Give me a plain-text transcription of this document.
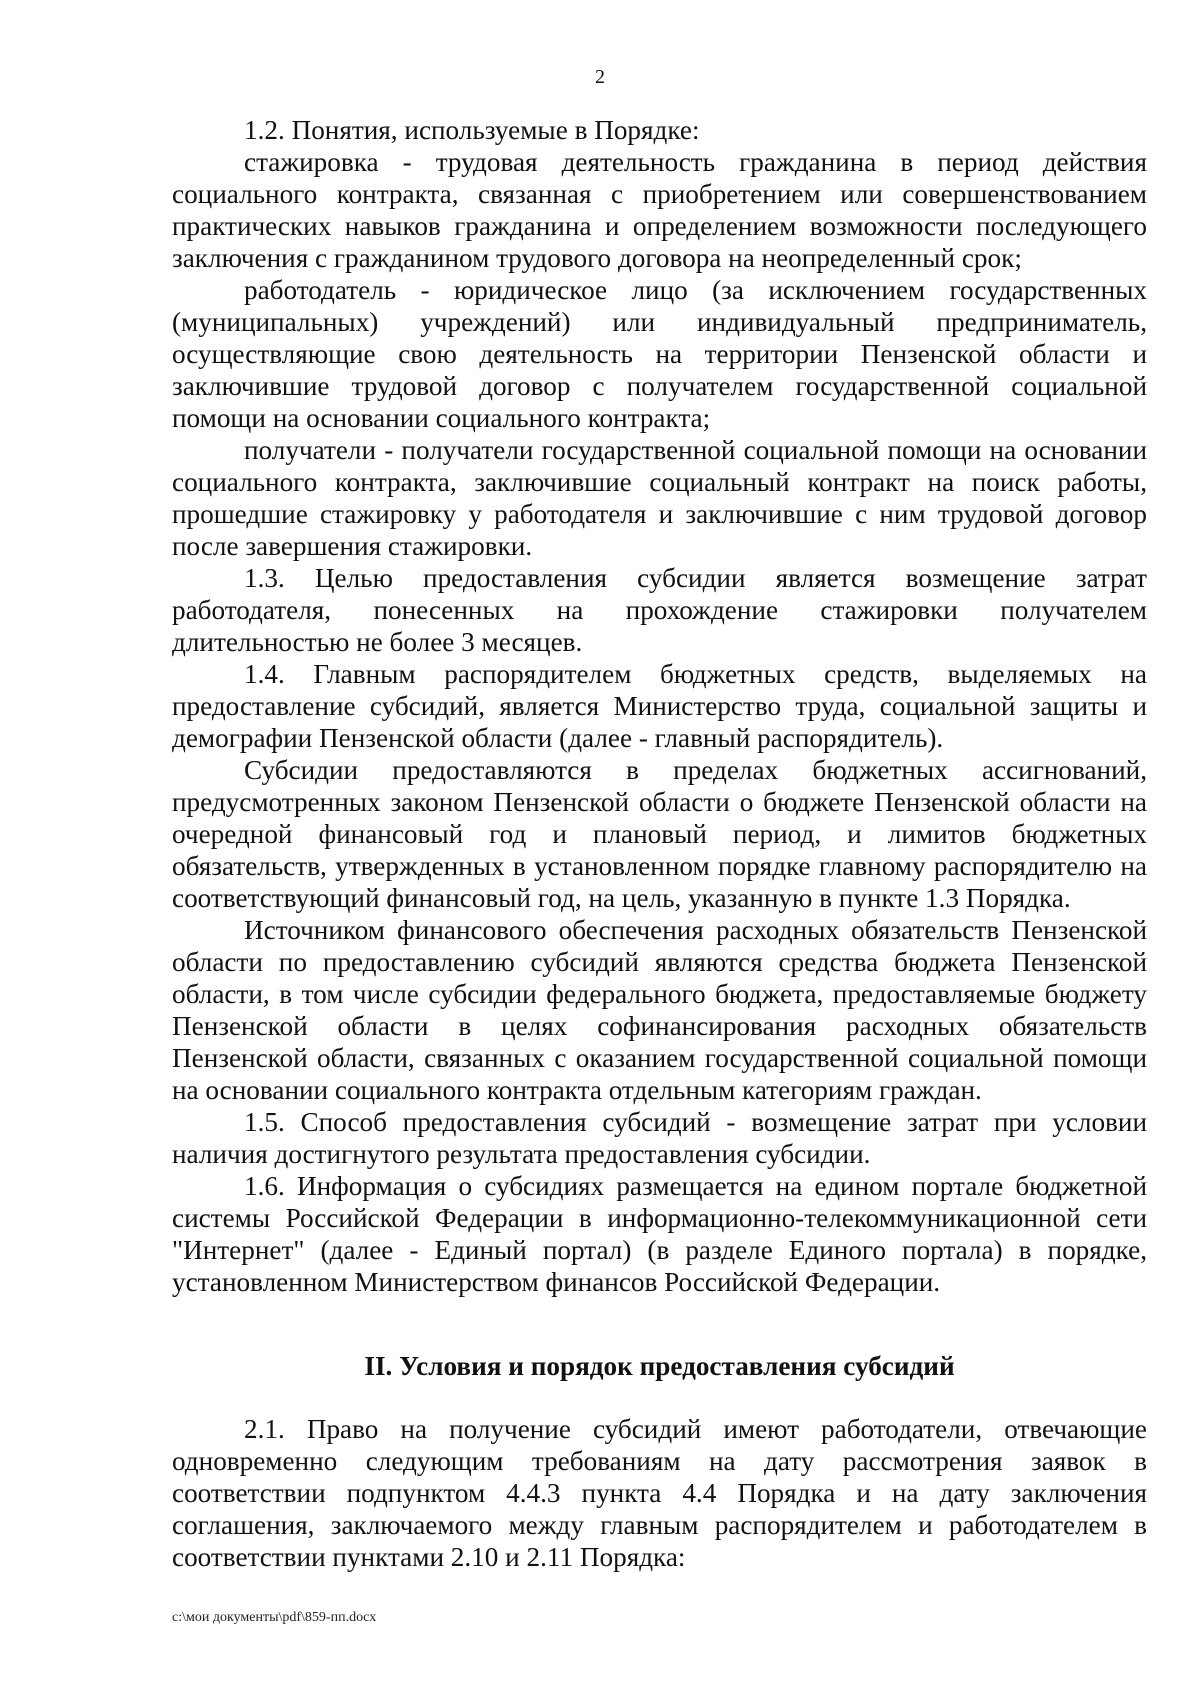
2

1.2. Понятия, используемые в Порядке:

стажировка - трудовая деятельность гражданина в период действия социального контракта, связанная с приобретением или совершенствованием практических навыков гражданина и определением возможности последующего заключения с гражданином трудового договора на неопределенный срок;

работодатель - юридическое лицо (за исключением государственных (муниципальных) учреждений) или индивидуальный предприниматель, осуществляющие свою деятельность на территории Пензенской области и заключившие трудовой договор с получателем государственной социальной помощи на основании социального контракта;

получатели - получатели государственной социальной помощи на основании социального контракта, заключившие социальный контракт на поиск работы, прошедшие стажировку у работодателя и заключившие с ним трудовой договор после завершения стажировки.

1.3. Целью предоставления субсидии является возмещение затрат работодателя, понесенных на прохождение стажировки получателем длительностью не более 3 месяцев.

1.4. Главным распорядителем бюджетных средств, выделяемых на предоставление субсидий, является Министерство труда, социальной защиты и демографии Пензенской области (далее - главный распорядитель).

Субсидии предоставляются в пределах бюджетных ассигнований, предусмотренных законом Пензенской области о бюджете Пензенской области на очередной финансовый год и плановый период, и лимитов бюджетных обязательств, утвержденных в установленном порядке главному распорядителю на соответствующий финансовый год, на цель, указанную в пункте 1.3 Порядка.

Источником финансового обеспечения расходных обязательств Пензенской области по предоставлению субсидий являются средства бюджета Пензенской области, в том числе субсидии федерального бюджета, предоставляемые бюджету Пензенской области в целях софинансирования расходных обязательств Пензенской области, связанных с оказанием государственной социальной помощи на основании социального контракта отдельным категориям граждан.

1.5. Способ предоставления субсидий - возмещение затрат при условии наличия достигнутого результата предоставления субсидии.

1.6. Информация о субсидиях размещается на едином портале бюджетной системы Российской Федерации в информационно-телекоммуникационной сети "Интернет" (далее - Единый портал) (в разделе Единого портала) в порядке, установленном Министерством финансов Российской Федерации.

II. Условия и порядок предоставления субсидий

2.1. Право на получение субсидий имеют работодатели, отвечающие одновременно следующим требованиям на дату рассмотрения заявок в соответствии подпунктом 4.4.3 пункта 4.4 Порядка и на дату заключения соглашения, заключаемого между главным распорядителем и работодателем в соответствии пунктами 2.10 и 2.11 Порядка:

c:\мои документы\pdf\859-пп.docx
